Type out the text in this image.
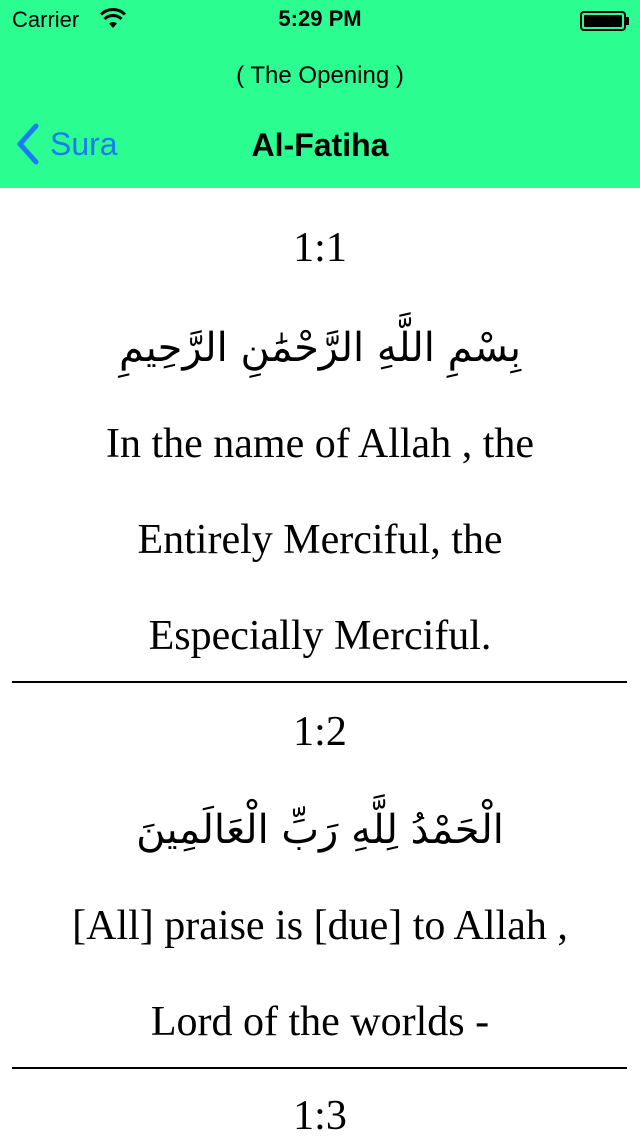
Carrier	5:29 PM
( The Opening )
Sura	Al-Fatiha
1:1
بِسْمِ اللَّهِ الرَّحْمَٰنِ الرَّحِيمِ
In the name of Allah , the
Entirely Merciful, the
Especially Merciful.
1:2
الْحَمْدُ لِلَّهِ رَبِّ الْعَالَمِينَ
[All] praise is [due] to Allah ,
Lord of the worlds -
1:3
